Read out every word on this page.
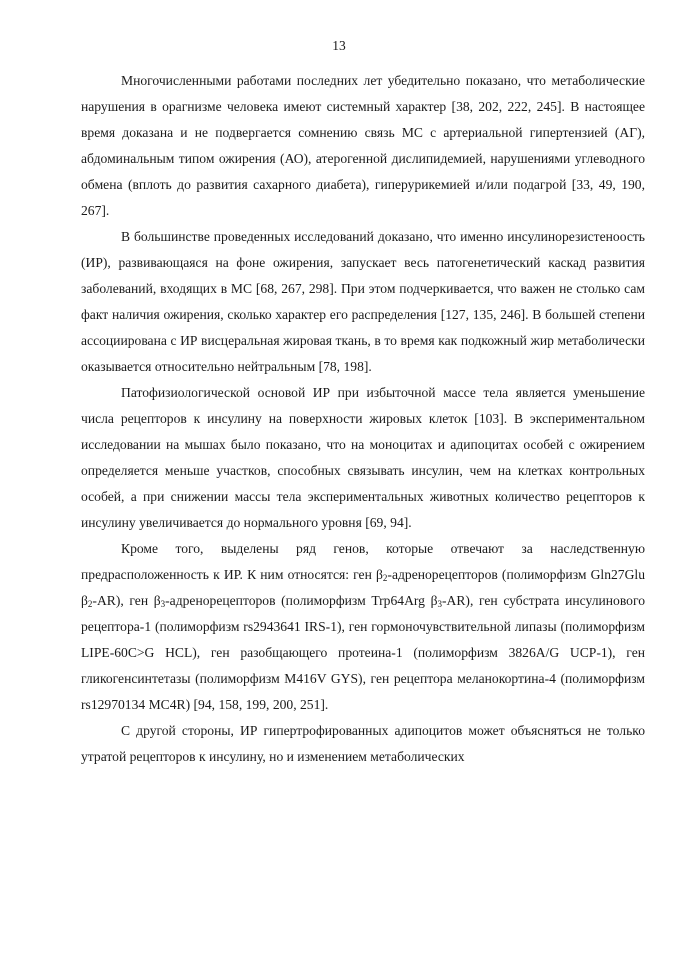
13

Многочисленными работами последних лет убедительно показано, что метаболические нарушения в орагнизме человека имеют системный характер [38, 202, 222, 245]. В настоящее время доказана и не подвергается сомнению связь МС с артериальной гипертензией (АГ), абдоминальным типом ожирения (АО), атерогенной дислипидемией, нарушениями углеводного обмена (вплоть до развития сахарного диабета), гиперурикемией и/или подагрой [33, 49, 190, 267].

В большинстве проведенных исследований доказано, что именно инсулинорезистеноость (ИР), развивающаяся на фоне ожирения, запускает весь патогенетический каскад развития заболеваний, входящих в МС [68, 267, 298]. При этом подчеркивается, что важен не столько сам факт наличия ожирения, сколько характер его распределения [127, 135, 246]. В большей степени ассоциирована с ИР висцеральная жировая ткань, в то время как подкожный жир метаболически оказывается относительно нейтральным [78, 198].

Патофизиологической основой ИР при избыточной массе тела является уменьшение числа рецепторов к инсулину на поверхности жировых клеток [103]. В экспериментальном исследовании на мышах было показано, что на моноцитах и адипоцитах особей с ожирением определяется меньше участков, способных связывать инсулин, чем на клетках контрольных особей, а при снижении массы тела экспериментальных животных количество рецепторов к инсулину увеличивается до нормального уровня [69, 94].

Кроме того, выделены ряд генов, которые отвечают за наследственную предрасположенность к ИР. К ним относятся: ген $\beta_2$-адренорецепторов (полиморфизм Gln27Glu $\beta_2-AR$), ген $\beta_3$-адренорецепторов (полиморфизм Trp64Arg $\beta_3-AR$), ген субстрата инсулинового рецептора-1 (полиморфизм rs2943641 IRS-1), ген гормоночувствительной липазы (полиморфизм LIPE-60C>G HCL), ген разобщающего протеина-1 (полиморфизм 3826A/G UCP-1), ген гликогенсинтетазы (полиморфизм M416V GYS), ген рецептора меланокортина-4 (полиморфизм rs12970134 MC4R) [94, 158, 199, 200, 251].

С другой стороны, ИР гипертрофированных адипоцитов может объясняться не только утратой рецепторов к инсулину, но и изменением метаболических
